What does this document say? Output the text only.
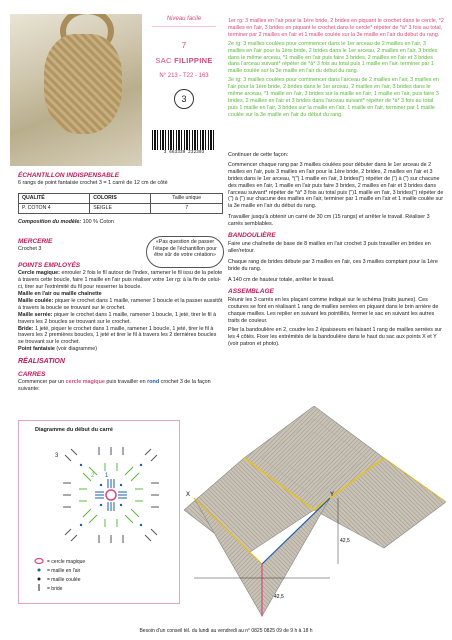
Niveau facile
7
SAC FILIPPINE
N° 213 - T22 - 163
3
3 663339 232303

1er rg: 3 mailles en l'air pour la 1ère bride, 2 brides en piquant le crochet dans le cercle, *2 mailles en l'air, 3 brides en piquant le crochet dans le cercle* répéter de *à* 3 fois au total, terminer par 2 mailles en l'air et 1 maille coulée sur la 3e maille en l'air du début du rang.

2e rg: 3 mailles coulées pour commencer dans le 1er arceau de 2 mailles en l'air, 3 mailles en l'air pour la 1ère bride, 2 brides dans le 1er arceau, 2 mailles en l'air, 3 brides dans le même arceau, *1 maille en l'air puis faire 3 brides, 2 mailles en l'air et 3 brides dans l'arceau suivant* répéter de *à* 3 fois au total puis 1 maille en l'air, terminer par 1 maille coulée sur la 3e maille en l'air du début du rang.

3e rg: 3 mailles coulées pour commencer dans l'arceau de 2 mailles en l'air, 3 mailles en l'air pour la 1ère bride, 2 brides dans le 1er arceau, 2 mailles en l'air, 3 brides dans le même arceau, *1 maille en l'air, 3 brides sur la maille en l'air, 1 maille en l'air, puis faire 3 brides, 2 mailles en l'air et 3 brides dans l'arceau suivant* répéter de *à* 3 fois au total puis 1 maille en l'air, 3 brides sur la maille en l'air, 1 maille en l'air, terminer par 1 maille coulée sur la 3e maille en l'air du début du rang.

Continuer de cette façon:

Commencer chaque rang par 3 mailles coulées pour débuter dans le 1er arceau de 2 mailles en l'air, puis 3 mailles en l'air pour la 1ère bride, 2 brides, 2 mailles en l'air et 3 brides dans le 1er arceau, *(") 1 maille en l'air, 3 brides(") répéter de (") à (") sur chacune des mailles en l'air, 1 maille en l'air puis faire 3 brides, 2 mailles en l'air et 3 brides dans l'arceau suivant* répéter de *à* 3 fois au total puis (")1 maille en l'air, 3 brides(") répéter de (") à (") sur chacune des mailles en l'air, terminer par 1 maille en l'air et 1 maille coulée sur la 3e maille en l'air du début du rang.

Travailler jusqu'à obtenir un carré de 30 cm (15 rangs) et arrêter le travail. Réaliser 3 carrés semblables.

BANDOULIÈRE

Faire une chaînette de base de 8 mailles en l'air crochet 3 puis travailler en brides en aller/retour.

Chaque rang de brides débute par 3 mailles en l'air, ces 3 mailles comptant pour la 1ère bride du rang.

A 140 cm de hauteur totale, arrêter le travail.

ASSEMBLAGE

Réunir les 3 carrés en les plaçant comme indiqué sur le schéma (traits jaunes). Ces coutures se font en réalisant 1 rang de mailles serrées en piquant dans le brin arrière de chaque mailles. Les replier en suivant les pointillés, fermer le sac en suivant les autres traits de couleur.

Plier la bandoulière en 2, coudre les 2 épaisseurs en faisant 1 rang de mailles serrées sur les 4 côtés. Fixer les extrémités de la bandoulière dans le haut du sac aux points X et Y (voir patron et photo).

ÉCHANTILLON INDISPENSABLE
6 rangs de point fantaisie crochet 3 = 1 carré de 12 cm de côté
QUALITÉ	COLORIS	Taille unique
P. COTON 4	SEIGLE	7
Composition du modèle: 100 % Coton
MERCERIE
Crochet 3
«Pas question de passer l'étape de l'échantillon pour être sûr de votre création»
POINTS EMPLOYÉS
Cercle magique: enrouler 2 fois le fil autour de l'index, ramener le fil issu de la pelote à travers cette boucle, faire 1 maille en l'air puis réaliser votre 1er rg: à la fin de celui-ci, tirer sur l'extrémité du fil pour resserrer la boucle.
Maille en l'air ou maille chaînette
Maille coulée: piquer le crochet dans 1 maille, ramener 1 boucle et la passer aussitôt à travers la boucle se trouvant sur le crochet.
Maille serrée: piquer le crochet dans 1 maille, ramener 1 boucle, 1 jeté, tirer le fil à travers les 2 boucles se trouvant sur le crochet.
Bride: 1 jeté, piquer le crochet dans 1 maille, ramener 1 boucle, 1 jeté, tirer le fil à travers les 2 premières boucles, 1 jeté et tirer le fil à travers les 2 dernières boucles se trouvant sur le crochet.
Point fantaisie (voir diagramme)
RÉALISATION
CARRES
Commencer par un cercle magique puis travailler en rond crochet 3 de la façon suivante:
Diagramme du début du carré
1
2
3
= cercle magique
= maille en l'air
= maille coulée
= bride
X	Y
42,5
42,5
Besoin d'un conseil tél. du lundi au vendredi au n° 0825 0825 09 de 9 h à 18 h
